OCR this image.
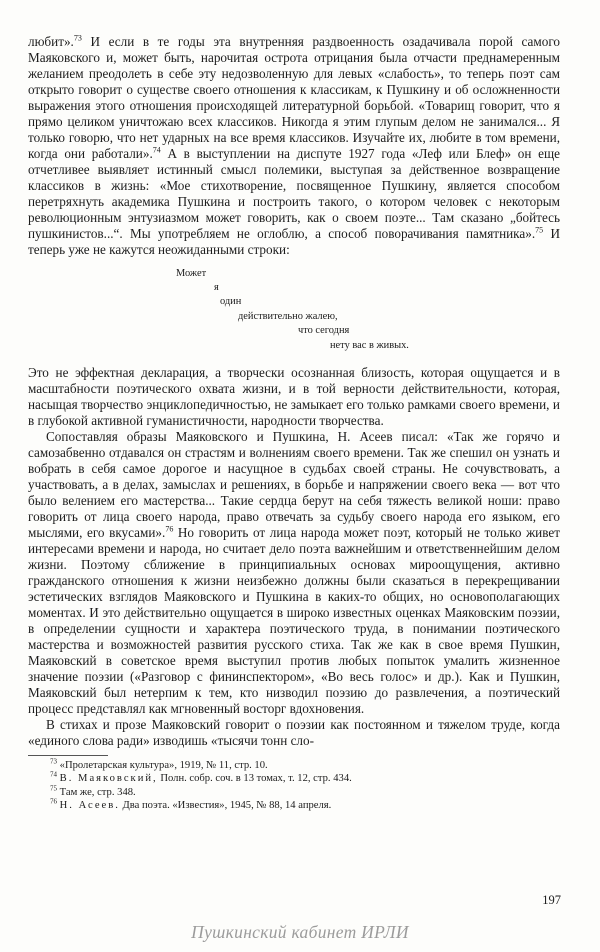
любит».$^{73}$ И если в те годы эта внутренняя раздвоенность озадачивала порой самого Маяковского и, может быть, нарочитая острота отрицания была отчасти преднамеренным желанием преодолеть в себе эту недозволенную для левых «слабость», то теперь поэт сам открыто говорит о существе своего отношения к классикам, к Пушкину и об осложненности выражения этого отношения происходящей литературной борьбой. «Товарищ говорит, что я прямо целиком уничтожаю всех классиков. Никогда я этим глупым делом не занимался... Я только говорю, что нет ударных на все время классиков. Изучайте их, любите в том времени, когда они работали».$^{74}$ А в выступлении на диспуте 1927 года «Леф или Блеф» он еще отчетливее выявляет истинный смысл полемики, выступая за действенное возвращение классиков в жизнь: «Мое стихотворение, посвященное Пушкину, является способом перетряхнуть академика Пушкина и построить такого, о котором человек с некоторым революционным энтузиазмом может говорить, как о своем поэте... Там сказано „бойтесь пушкинистов...“. Мы употребляем не оглоблю, а способ поворачивания памятника».$^{75}$ И теперь уже не кажутся неожиданными строки:

Может
я
один
действительно жалею,
что сегодня
нету вас в живых.

Это не эффектная декларация, а творчески осознанная близость, которая ощущается и в масштабности поэтического охвата жизни, и в той верности действительности, которая, насыщая творчество энциклопедичностью, не замыкает его только рамками своего времени, и в глубокой активной гуманистичности, народности творчества.

Сопоставляя образы Маяковского и Пушкина, Н. Асеев писал: «Так же горячо и самозабвенно отдавался он страстям и волнениям своего времени. Так же спешил он узнать и вобрать в себя самое дорогое и насущное в судьбах своей страны. Не сочувствовать, а участвовать, а в делах, замыслах и решениях, в борьбе и напряжении своего века — вот что было велением его мастерства... Такие сердца берут на себя тяжесть великой ноши: право говорить от лица своего народа, право отвечать за судьбу своего народа его языком, его мыслями, его вкусами».$^{76}$ Но говорить от лица народа может поэт, который не только живет интересами времени и народа, но считает дело поэта важнейшим и ответственнейшим делом жизни. Поэтому сближение в принципиальных основах мироощущения, активно гражданского отношения к жизни неизбежно должны были сказаться в перекрещивании эстетических взглядов Маяковского и Пушкина в каких-то общих, но основополагающих моментах. И это действительно ощущается в широко известных оценках Маяковским поэзии, в определении сущности и характера поэтического труда, в понимании поэтического мастерства и возможностей развития русского стиха. Так же как в свое время Пушкин, Маяковский в советское время выступил против любых попыток умалить жизненное значение поэзии («Разговор с фининспектором», «Во весь голос» и др.). Как и Пушкин, Маяковский был нетерпим к тем, кто низводил поэзию до развлечения, а поэтический процесс представлял как мгновенный восторг вдохновения.

В стихах и прозе Маяковский говорит о поэзии как постоянном и тяжелом труде, когда «единого слова ради» изводишь «тысячи тонн сло-

$^{73}$ «Пролетарская культура», 1919, № 11, стр. 10.

$^{74}$ В. Маяковский, Полн. собр. соч. в 13 томах, т. 12, стр. 434.

$^{75}$ Там же, стр. 348.

$^{76}$ Н. Асеев. Два поэта. «Известия», 1945, № 88, 14 апреля.

197
Пушкинский кабинет ИРЛИ
